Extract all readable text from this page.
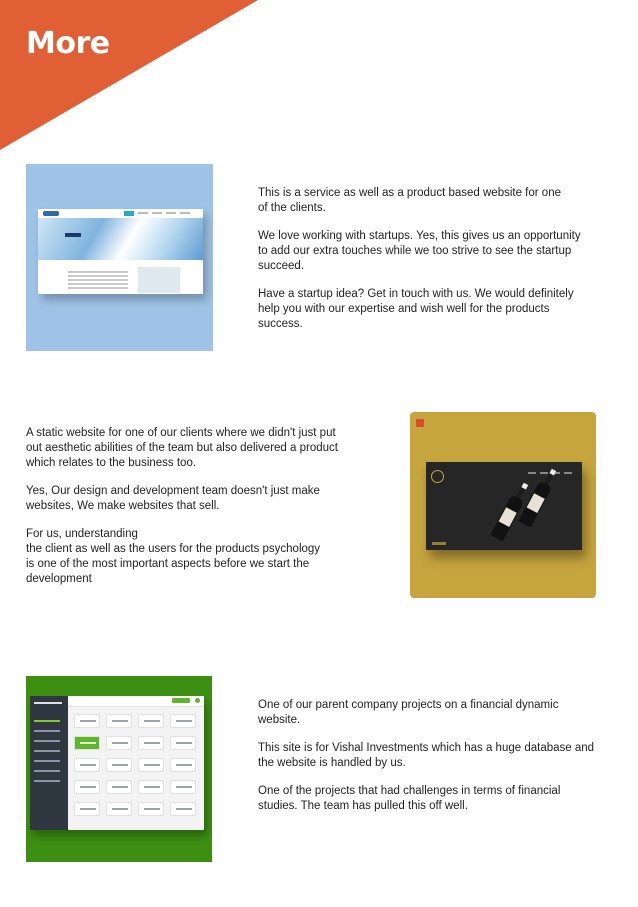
More

This is a service as well as a product based website for one
of the clients.

We love working with startups. Yes, this gives us an opportunity
to add our extra touches while we too strive to see the startup
succeed.

Have a startup idea? Get in touch with us. We would definitely
help you with our expertise and wish well for the products
success.

A static website for one of our clients where we didn't just put
out aesthetic abilities of the team but also delivered a product
which relates to the business too.

Yes, Our design and development team doesn't just make
websites, We make websites that sell.

For us, understanding
the client as well as the users for the products psychology
is one of the most important aspects before we start the
development

One of our parent company projects on a financial dynamic
website.

This site is for Vishal Investments which has a huge database and
the website is handled by us.

One of the projects that had challenges in terms of financial
studies. The team has pulled this off well.
